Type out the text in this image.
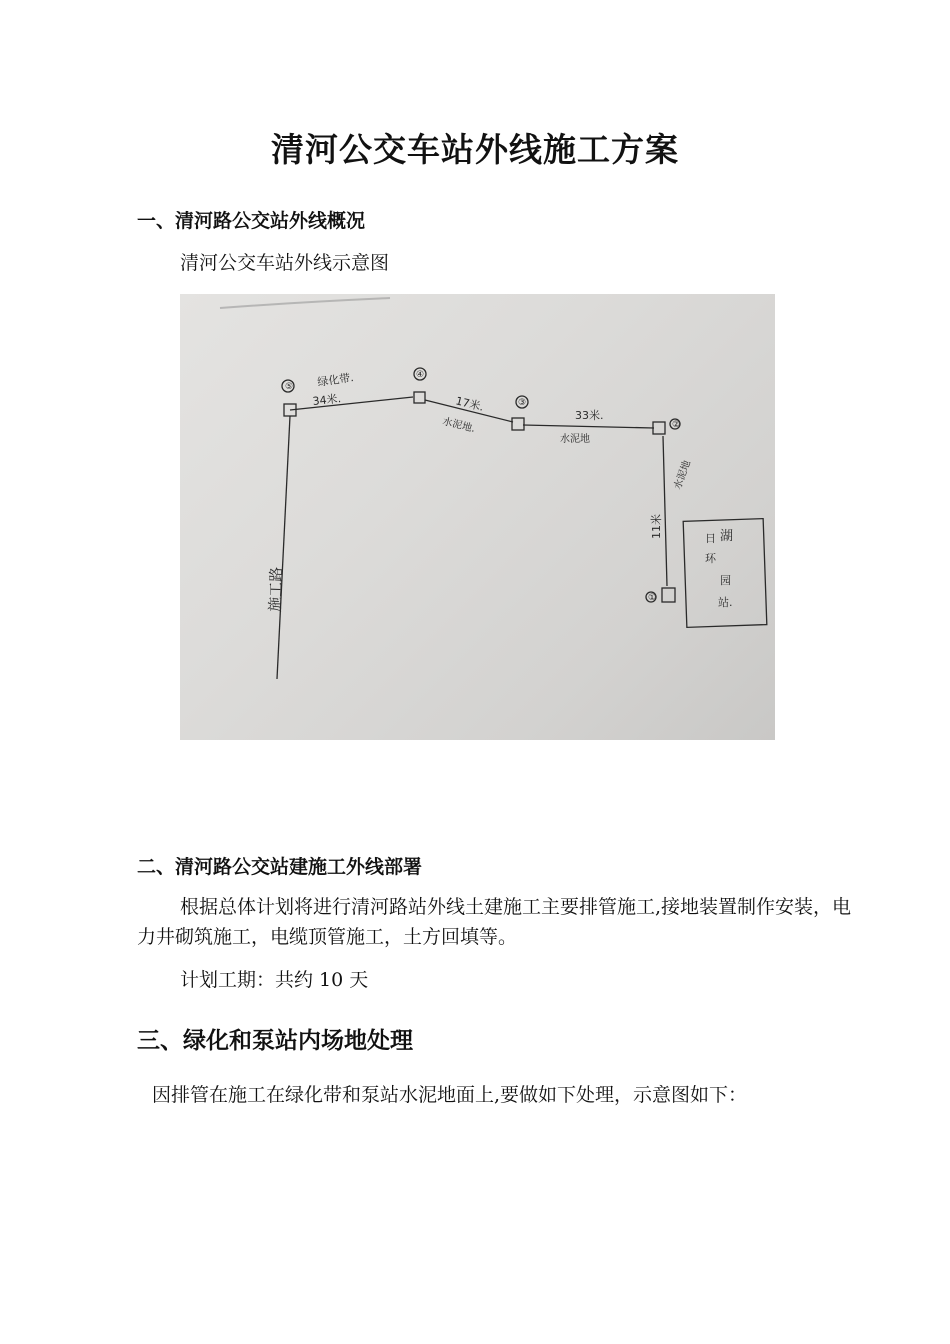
清河公交车站外线施工方案
一、清河路公交站外线概况
清河公交车站外线示意图
⑤
④
③
②
①
绿化带.
34米.	17米.
水泥地.
33米.
水泥地
水泥地
11米
施工路
日 湖
环
园
站.
二、清河路公交站建施工外线部署
根据总体计划将进行清河路站外线土建施工主要排管施工,接地装置制作安装，电力井砌筑施工，电缆顶管施工，土方回填等。
计划工期：共约 10 天
三、绿化和泵站内场地处理
因排管在施工在绿化带和泵站水泥地面上,要做如下处理，示意图如下：
